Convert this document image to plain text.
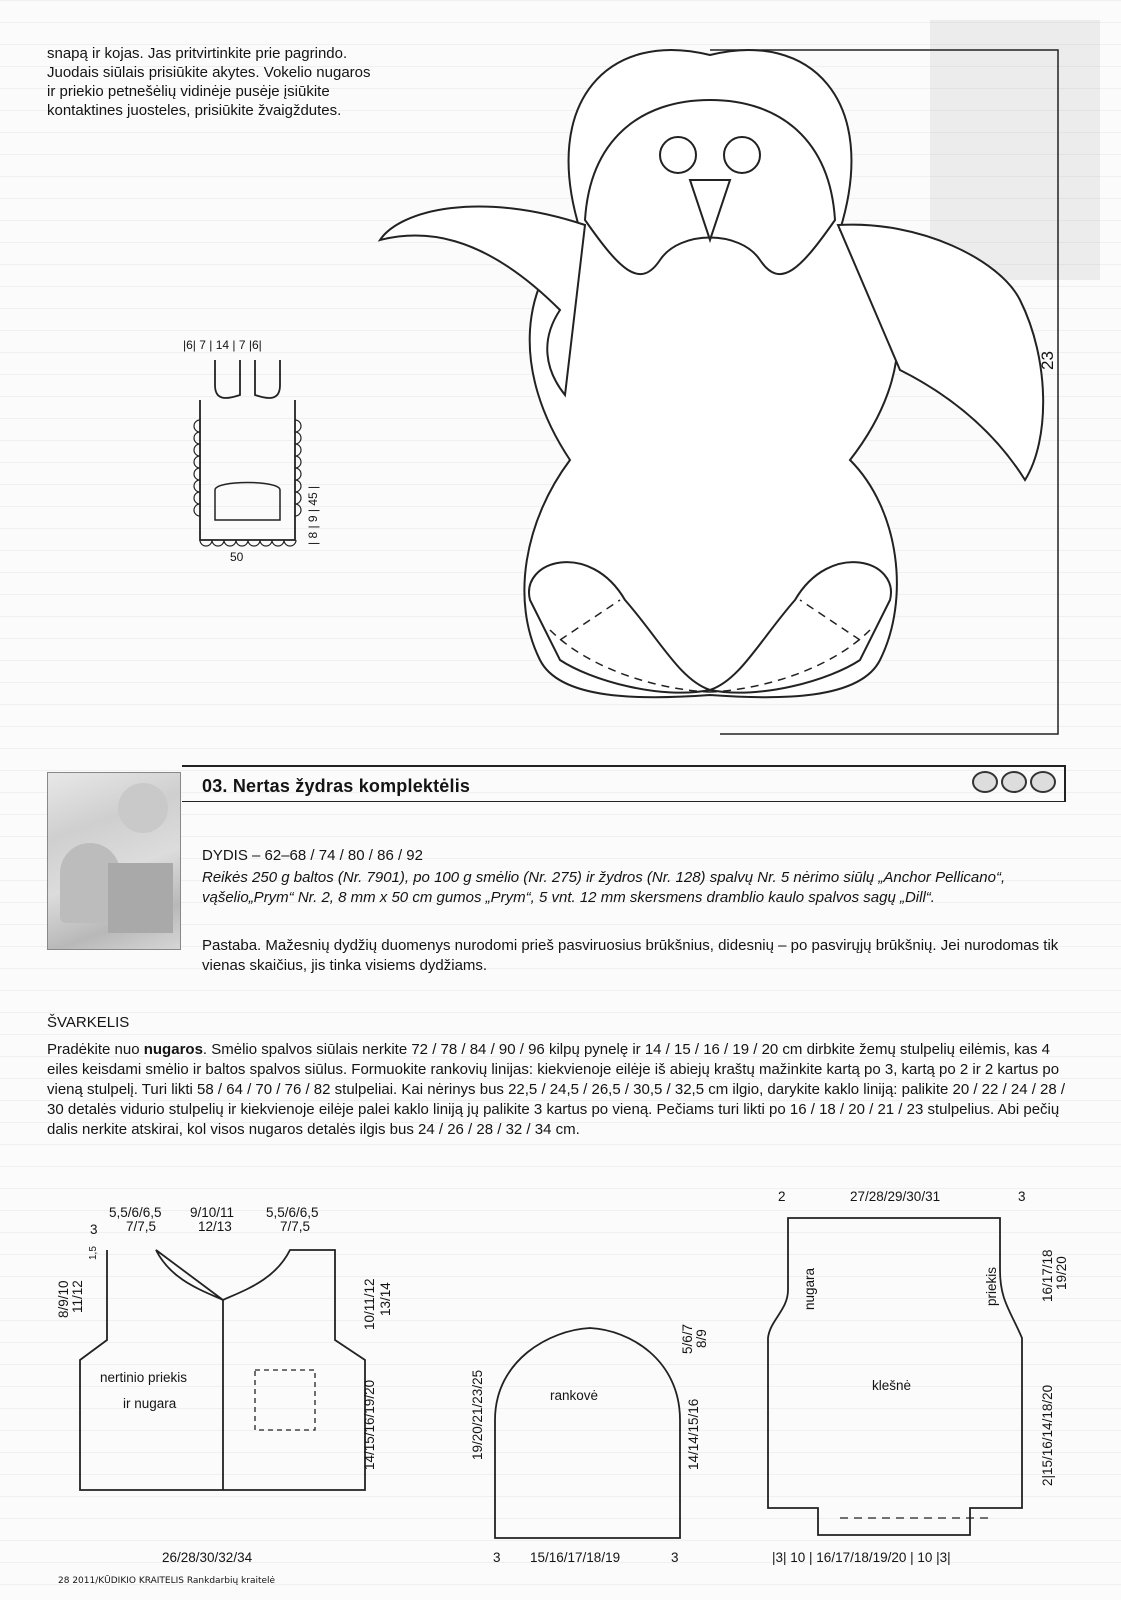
snapą ir kojas. Jas pritvirtinkite prie pagrindo. Juodais siūlais prisiūkite akytes. Vokelio nugaros ir priekio petnešėlių vidinėje pusėje įsiūkite kontaktines juosteles, prisiūkite žvaigždutes.
23
|6| 7 | 14 | 7 |6|
| 8 | 9 | 45 |
50
03. Nertas žydras komplektėlis
DYDIS – 62–68 / 74 / 80 / 86 / 92
Reikės 250 g baltos (Nr. 7901), po 100 g smėlio (Nr. 275) ir žydros (Nr. 128) spalvų Nr. 5 nėrimo siūlų „Anchor Pellicano“, vąšelio„Prym“ Nr. 2, 8 mm x 50 cm gumos „Prym“, 5 vnt. 12 mm skersmens dramblio kaulo spalvos sagų „Dill“.
Pastaba. Mažesnių dydžių duomenys nurodomi prieš pasviruosius brūkšnius, didesnių – po pasvirųjų brūkšnių. Jei nurodomas tik vienas skaičius, jis tinka visiems dydžiams.
ŠVARKELIS
Pradėkite nuo nugaros. Smėlio spalvos siūlais nerkite 72 / 78 / 84 / 90 / 96 kilpų pynelę ir 14 / 15 / 16 / 19 / 20 cm dirbkite žemų stulpelių eilėmis, kas 4 eiles keisdami smėlio ir baltos spalvos siūlus. Formuokite rankovių linijas: kiekvienoje eilėje iš abiejų kraštų mažinkite kartą po 3, kartą po 2 ir 2 kartus po vieną stulpelį. Turi likti 58 / 64 / 70 / 76 / 82 stulpeliai. Kai nėrinys bus 22,5 / 24,5 / 26,5 / 30,5 / 32,5 cm ilgio, darykite kaklo liniją: palikite 20 / 22 / 24 / 28 / 30 detalės vidurio stulpelių ir kiekvienoje eilėje palei kaklo liniją jų palikite 3 kartus po vieną. Pečiams turi likti po 16 / 18 / 20 / 21 / 23 stulpelius. Abi pečių dalis nerkite atskirai, kol visos nugaros detalės ilgis bus 24 / 26 / 28 / 32 / 34 cm.
nertinio priekis
ir nugara
3
5,5/6/6,5
7/7,5
9/10/11
12/13
5,5/6/6,5
7/7,5
1,5
8/9/10 11/12	10/11/12 13/14
14/15/16/19/20
26/28/30/32/34
rankovė
19/20/21/23/25
5/6/7 8/9
14/14/15/16
3 15/16/17/18/19	3
klešnė
nugara	priekis
2	27/28/29/30/31	3
16/17/18 19/20
2|15/16/14/18/20
|3| 10 | 16/17/18/19/20 | 10 |3|
28 2011/KŪDIKIO KRAITELIS Rankdarbių kraitelė
